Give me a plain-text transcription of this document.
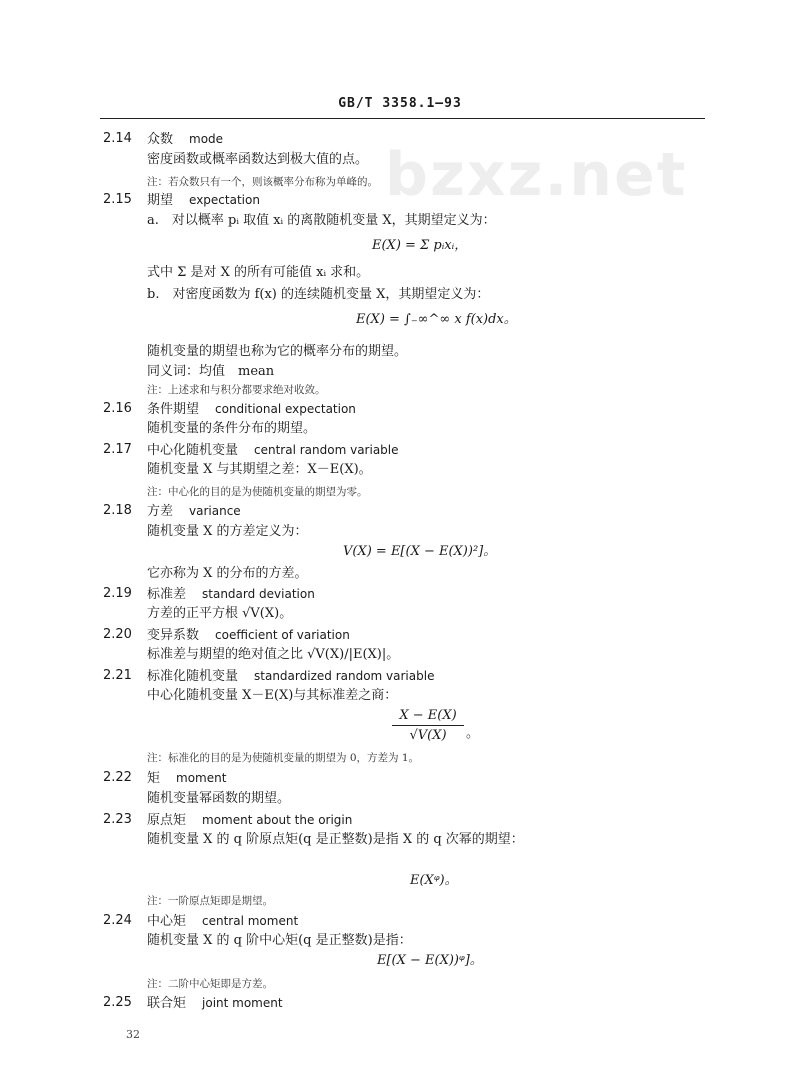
bzxz.net
GB/T 3358.1—93
2.14 众数 mode
密度函数或概率函数达到极大值的点。
注：若众数只有一个，则该概率分布称为单峰的。
2.15 期望 expectation
a.　对以概率 pᵢ 取值 xᵢ 的离散随机变量 X，其期望定义为：
E(X) = Σ pᵢxᵢ，
式中 Σ 是对 X 的所有可能值 xᵢ 求和。
b.　对密度函数为 f(x) 的连续随机变量 X，其期望定义为：
E(X) = ∫₋∞^∞ x f(x)dx。
随机变量的期望也称为它的概率分布的期望。
同义词：均值　mean
注：上述求和与积分都要求绝对收敛。
2.16 条件期望 conditional expectation
随机变量的条件分布的期望。
2.17 中心化随机变量 central random variable
随机变量 X 与其期望之差：X－E(X)。
注：中心化的目的是为使随机变量的期望为零。
2.18 方差 variance
随机变量 X 的方差定义为：
V(X) = E[(X − E(X))²]。
它亦称为 X 的分布的方差。
2.19 标准差 standard deviation
方差的正平方根 √V(X)。
2.20 变异系数 coefficient of variation
标准差与期望的绝对值之比 √V(X)/|E(X)|。
2.21 标准化随机变量 standardized random variable
中心化随机变量 X－E(X)与其标准差之商：
X − E(X)
√V(X)	。
注：标准化的目的是为使随机变量的期望为 0，方差为 1。
2.22 矩 moment
随机变量幂函数的期望。
2.23 原点矩 moment about the origin
随机变量 X 的 q 阶原点矩(q 是正整数)是指 X 的 q 次幂的期望：
E(Xᵠ)。
注：一阶原点矩即是期望。
2.24 中心矩 central moment
随机变量 X 的 q 阶中心矩(q 是正整数)是指：
E[(X − E(X))ᵠ]。
注：二阶中心矩即是方差。
2.25 联合矩 joint moment
32
